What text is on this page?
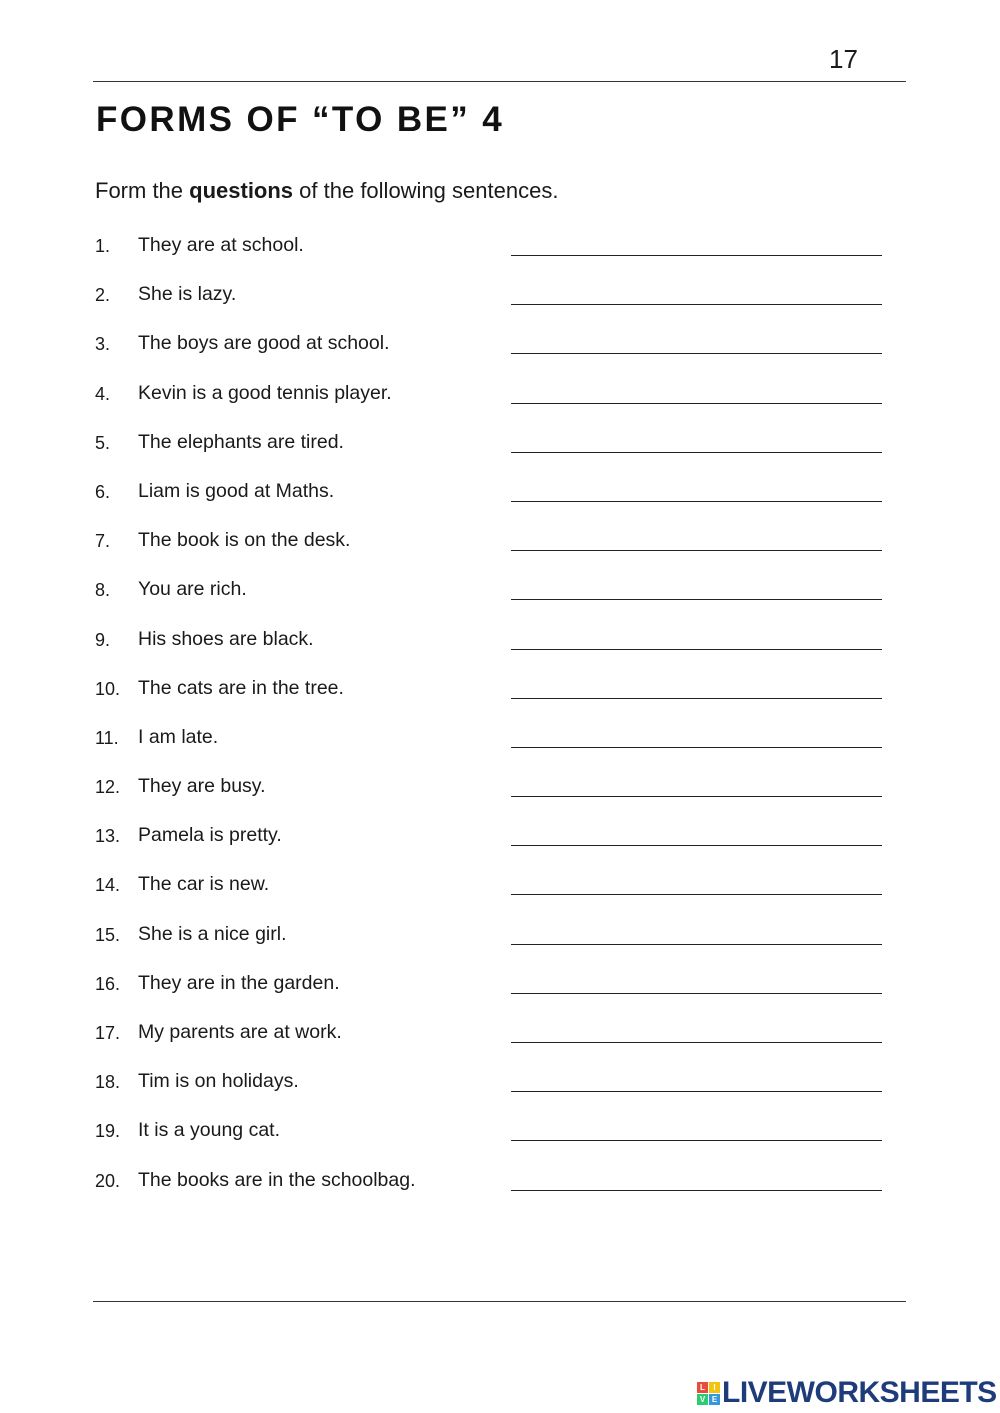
17
FORMS OF “TO BE” 4

Form the questions of the following sentences.

1. They are at school.
2. She is lazy.
3. The boys are good at school.
4. Kevin is a good tennis player.
5. The elephants are tired.
6. Liam is good at Maths.
7. The book is on the desk.
8. You are rich.
9. His shoes are black.
10. The cats are in the tree.
11. I am late.
12. They are busy.
13. Pamela is pretty.
14. The car is new.
15. She is a nice girl.
16. They are in the garden.
17. My parents are at work.
18. Tim is on holidays.
19. It is a young cat.
20. The books are in the schoolbag.
L	I
V E LIVEWORKSHEETS
